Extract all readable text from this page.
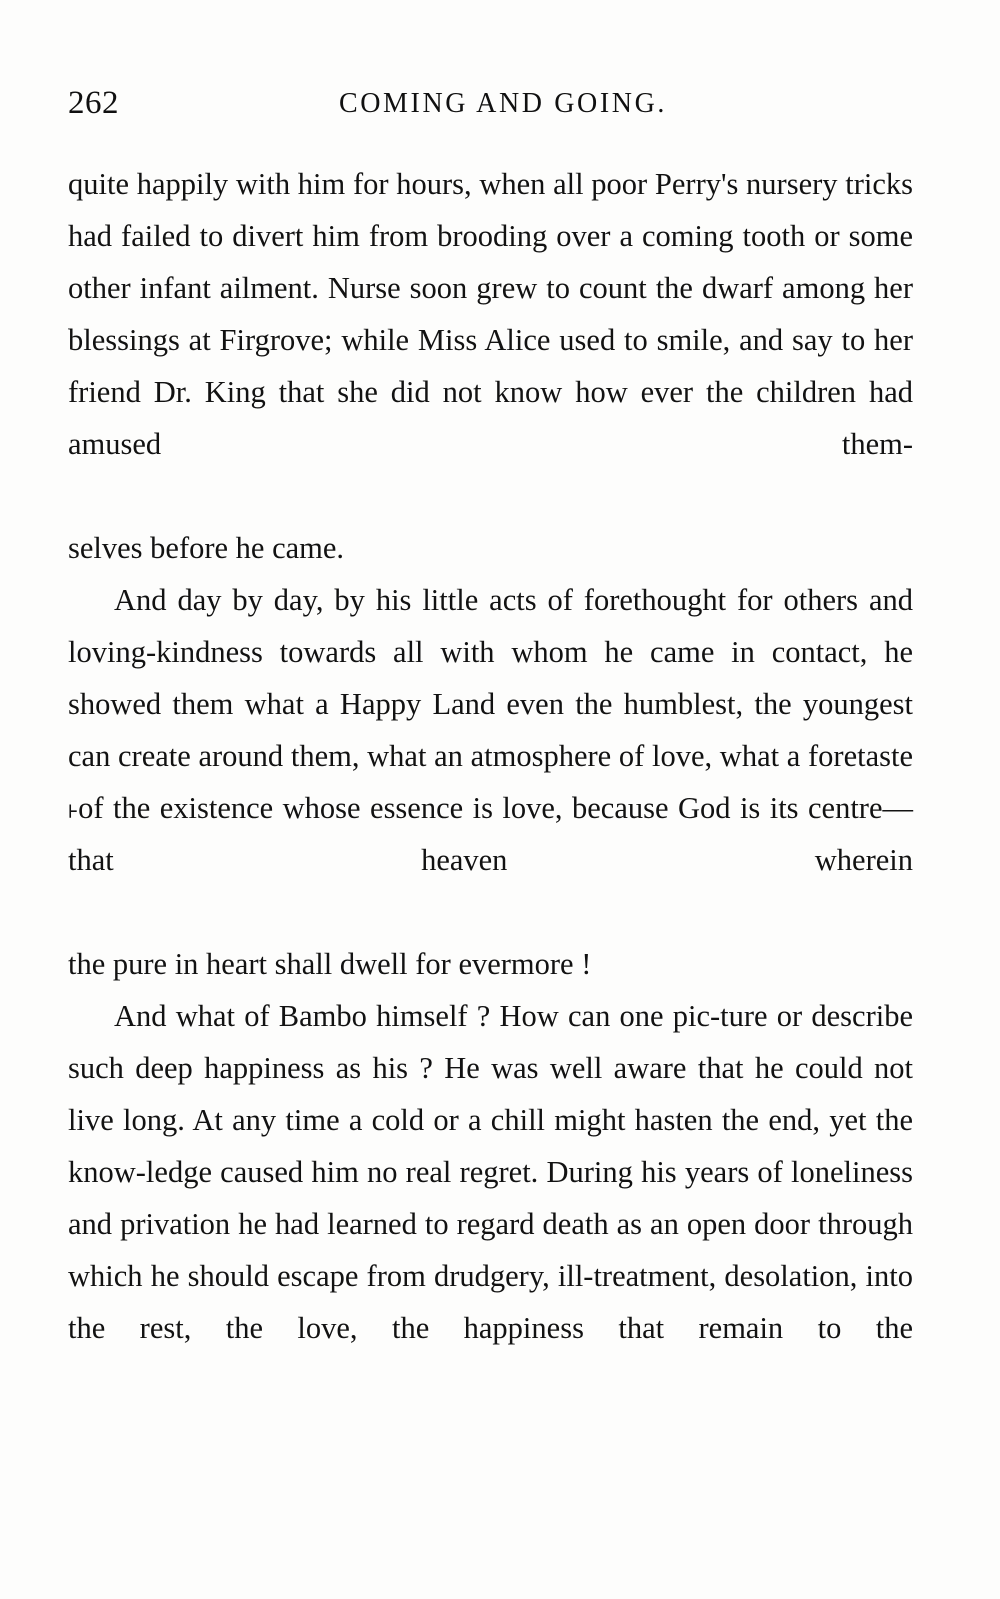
262	COMING AND GOING.

quite happily with him for hours, when all poor Perry's nursery tricks had failed to divert him from brooding over a coming tooth or some other infant ailment. Nurse soon grew to count the dwarf among her blessings at Firgrove; while Miss Alice used to smile, and say to her friend Dr. King that she did not know how ever the children had amused them-

selves before he came.

And day by day, by his little acts of forethought for others and loving-kindness towards all with whom he came in contact, he showed them what a Happy Land even the humblest, the youngest can create around them, what an atmosphere of love, what a foretaste ˫of the existence whose essence is love, because God is its centre—that heaven wherein

the pure in heart shall dwell for evermore !

And what of Bambo himself ? How can one pic-ture or describe such deep happiness as his ? He was well aware that he could not live long. At any time a cold or a chill might hasten the end, yet the know-ledge caused him no real regret. During his years of loneliness and privation he had learned to regard death as an open door through which he should escape from drudgery, ill-treatment, desolation, into the rest, the love, the happiness that remain to the
